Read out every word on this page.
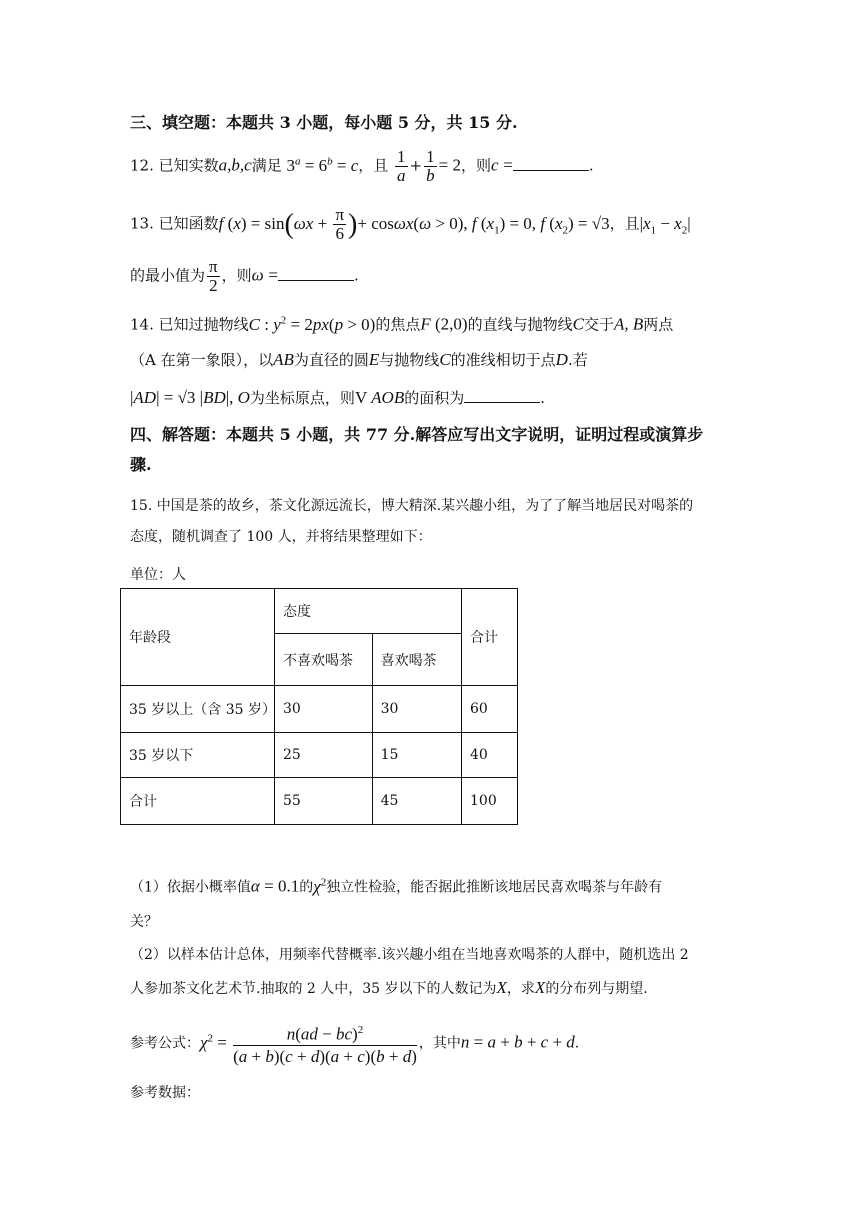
三、填空题：本题共 3 小题，每小题 5 分，共 15 分.
12. 已知实数a,b,c满足 $3^a = 6^b = c$，且 $\frac{1}{a} + \frac{1}{b} = 2$，则c =	.
13. 已知函数f $(x) = \sin(\omega x + \frac{\pi}{6}$ )+ cosωx(ω > 0), f $(x_1) = 0$, f $(x_2) = √3$，且$|x_1 - x_2|$
的最小值为 $\frac{\pi}{2}$ ，则ω =	.
14. 已知过抛物线C : $y^2 = 2px(p > 0)$的焦点F (2,0)的直线与抛物线C交于A, B两点
（A 在第一象限），以AB为直径的圆E与抛物线C的准线相切于点D.若
|AD| = √3 |BD|, O为坐标原点，则V AOB的面积为	.
四、解答题：本题共 5 小题，共 77 分.解答应写出文字说明，证明过程或演算步
骤.
15. 中国是茶的故乡，茶文化源远流长，博大精深.某兴趣小组，为了了解当地居民对喝茶的
态度，随机调查了 100 人，并将结果整理如下：
单位：人
年龄段	态度		合计
	不喜欢喝茶	喜欢喝茶	
35 岁以上（含 35 岁）	30	30	60
35 岁以下	25	15	40
合计	55	45	100
（1）依据小概率值α = 0.1的$\chi^2$独立性检验，能否据此推断该地居民喜欢喝茶与年龄有
关？
（2）以样本估计总体，用频率代替概率.该兴趣小组在当地喜欢喝茶的人群中，随机选出 2
人参加茶文化艺术节.抽取的 2 人中，35 岁以下的人数记为X，求X的分布列与期望.
参考公式：$\chi^2 = \frac{n(ad - bc)^2}{(a + b)(c + d)(a + c)(b + d)}$ ，其中n = a + b + c + d.
参考数据：
